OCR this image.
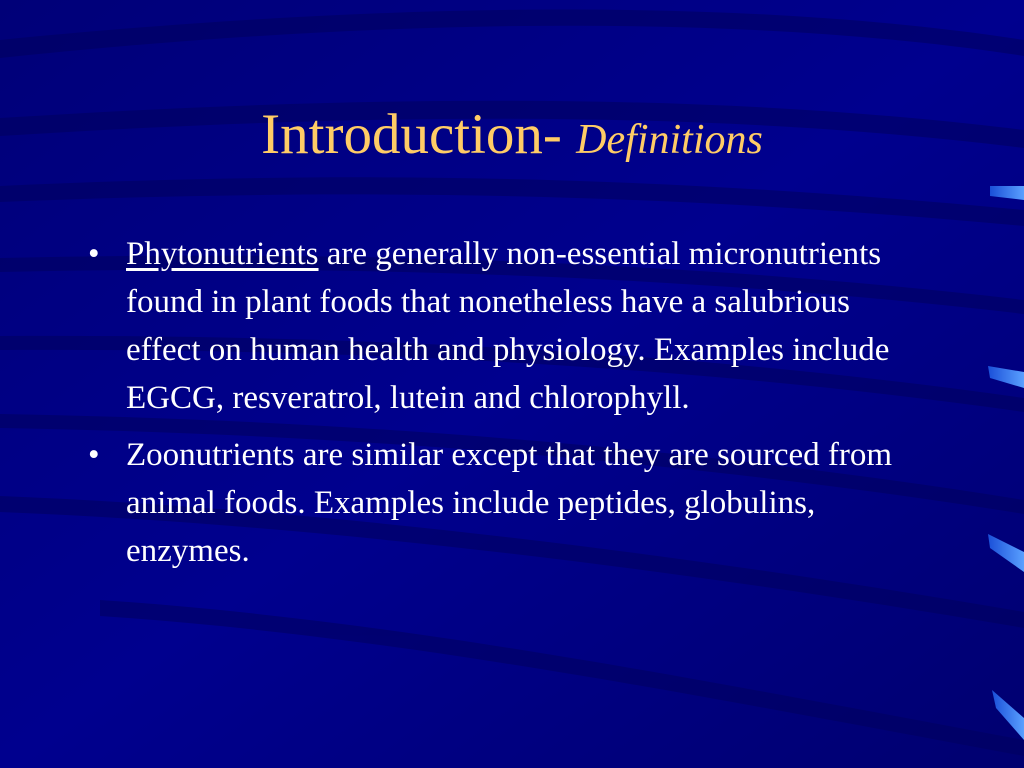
Introduction- Definitions
• Phytonutrients are generally non-essential micronutrients found in plant foods that nonetheless have a salubrious effect on human health and physiology. Examples include EGCG, resveratrol, lutein and chlorophyll.
• Zoonutrients are similar except that they are sourced from animal foods. Examples include peptides, globulins, enzymes.
